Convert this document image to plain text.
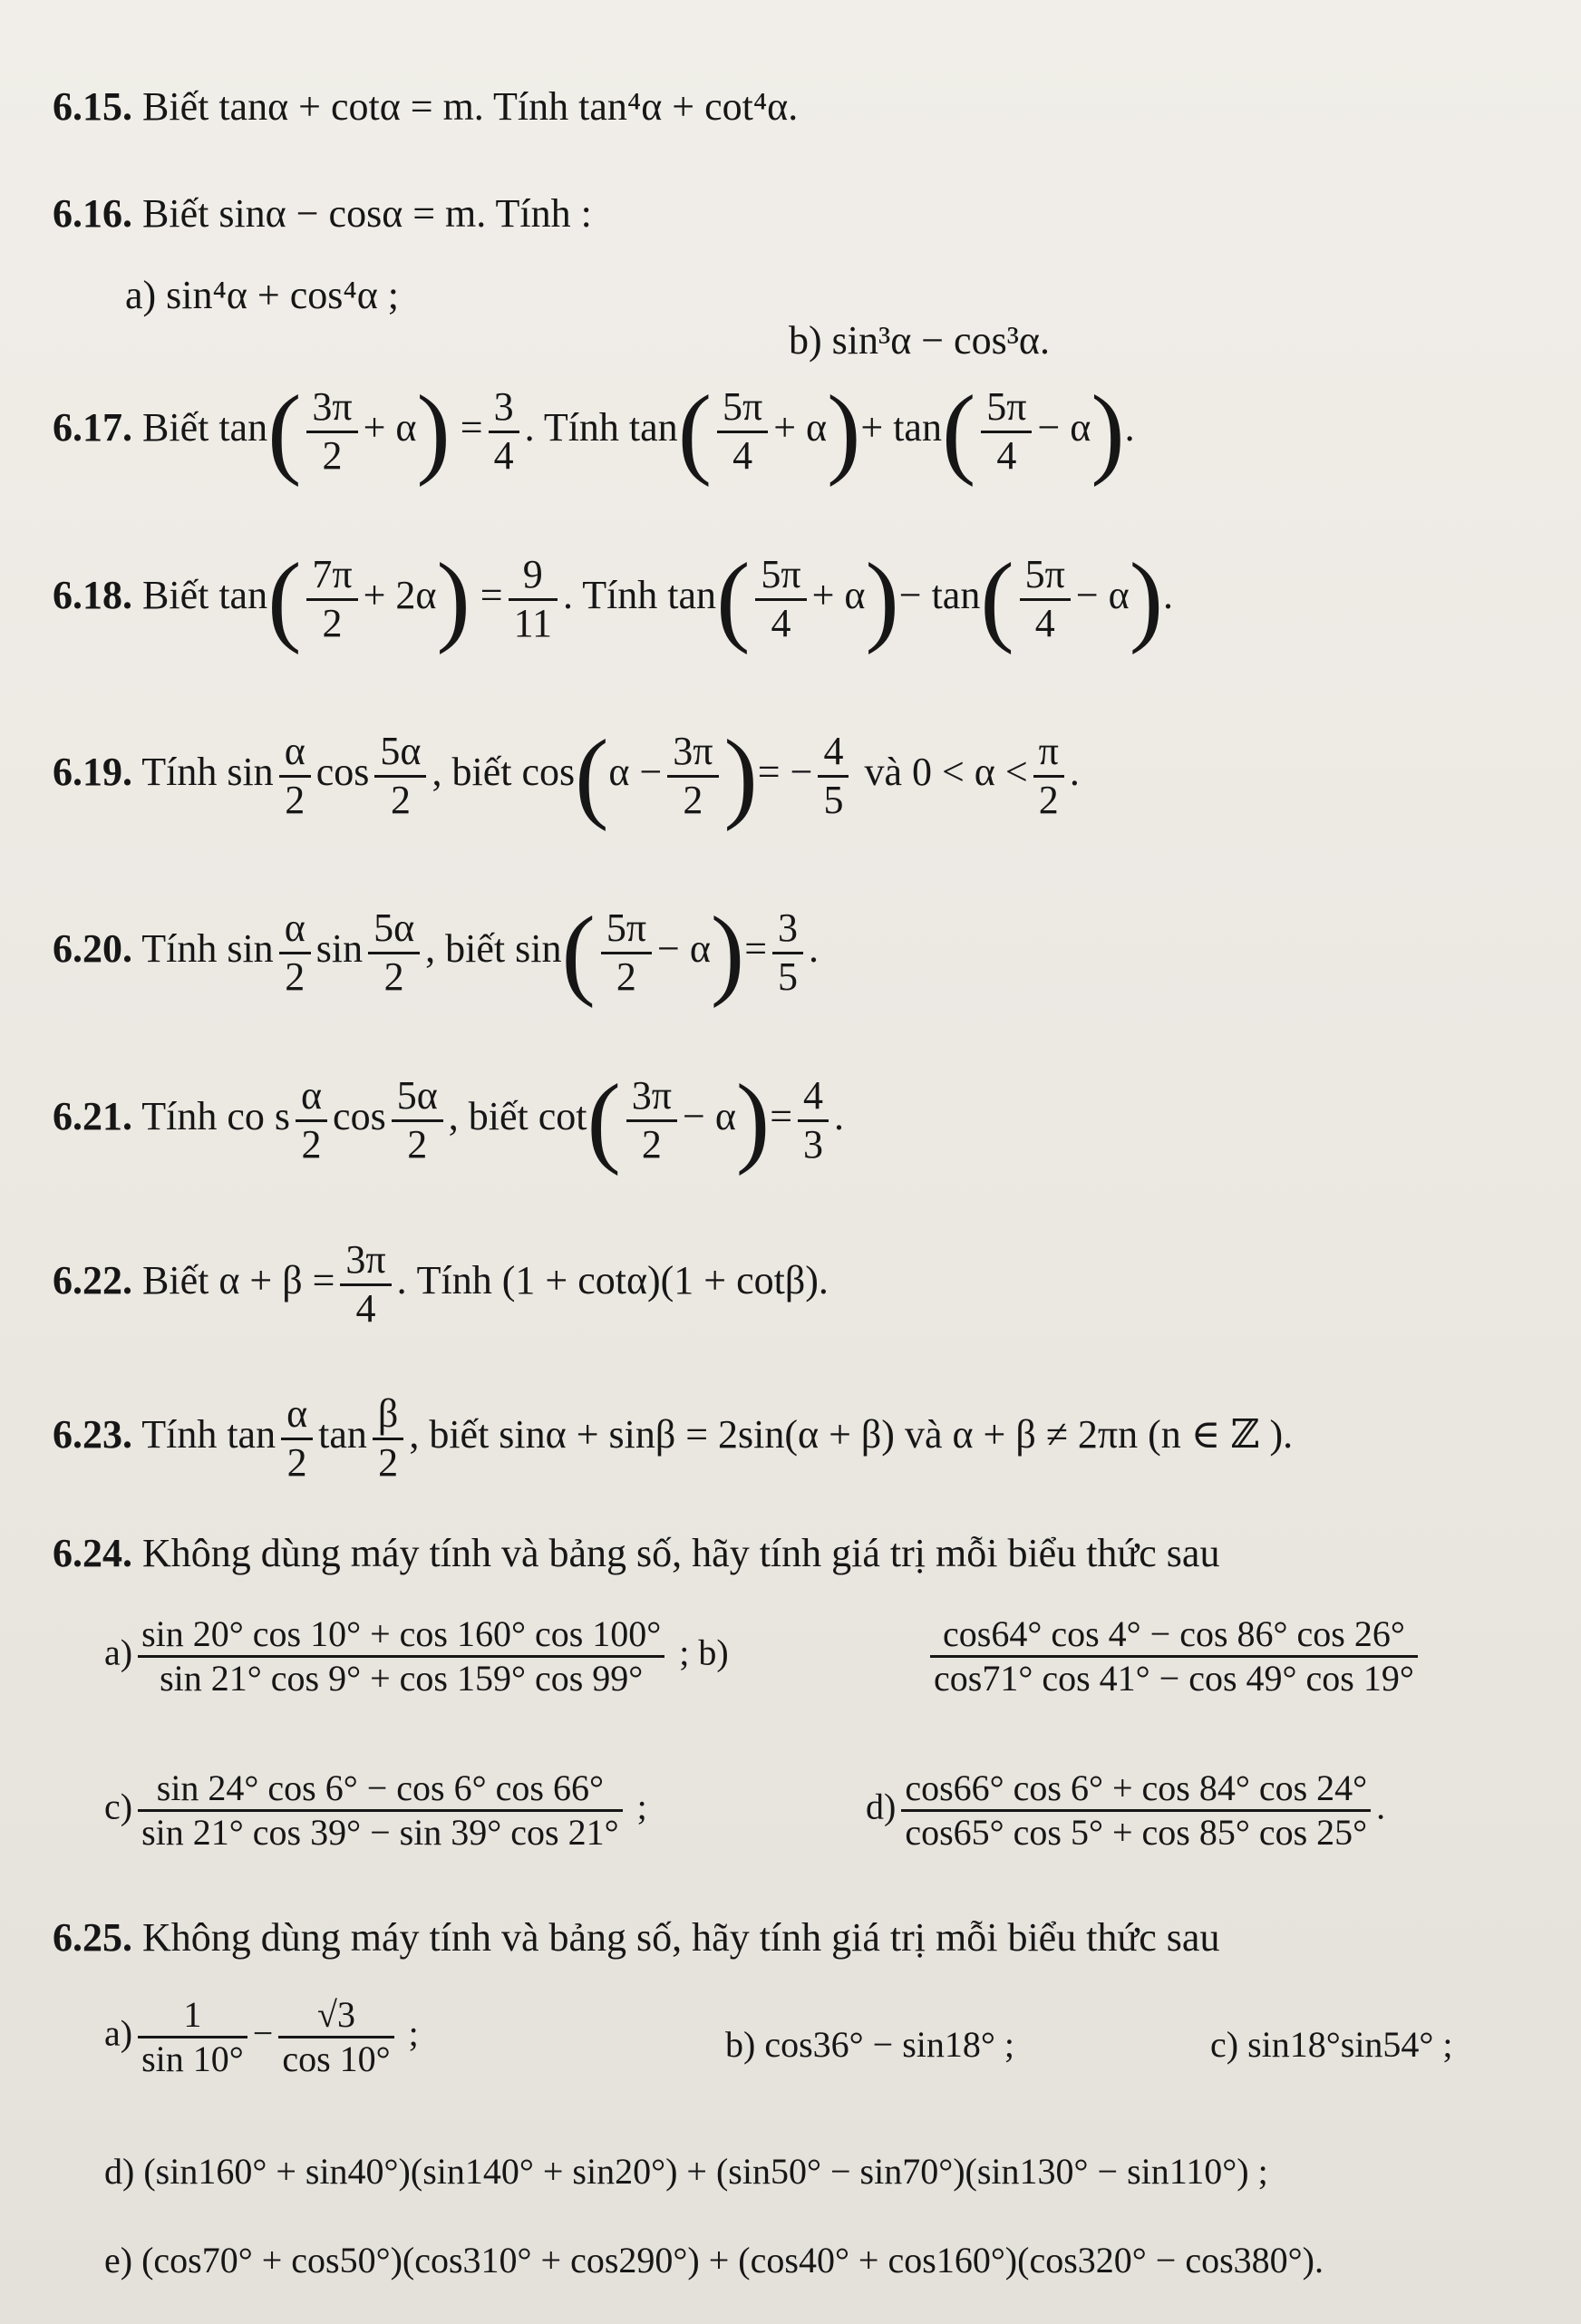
6.15. Biết tanα + cotα = m. Tính tan⁴α + cot⁴α.
6.16. Biết sinα − cosα = m. Tính :
a) sin⁴α + cos⁴α ;
b) sin³α − cos³α.
6.17. Biết $\tan( \frac{3\pi}{2} + \alpha) = \frac{3}{4}$ . Tính $\tan( \frac{5\pi}{4} + \alpha)+ \tan( \frac{5\pi}{4} - \alpha)$.
6.18. Biết $\tan( \frac{7\pi}{2} + 2\alpha) = \frac{9}{11}$ . Tính $\tan( \frac{5\pi}{4} + \alpha)- \tan( \frac{5\pi}{4} - \alpha)$.
6.19. Tính $\sin \frac{\alpha}{2}$ $\cos \frac{5\alpha}{2}$ , biết $\cos(\alpha - \frac{3\pi}{2}$ )= − $\frac{4}{5}$ và $0 < \alpha < \frac{\pi}{2}$ .
6.20. Tính $\sin \frac{\alpha}{2}$ $\sin \frac{5\alpha}{2}$ , biết $\sin( \frac{5\pi}{2} - \alpha)= \frac{3}{5}$ .
6.21. Tính co s $\frac{\alpha}{2}$ $\cos \frac{5\alpha}{2}$ , biết $\cot( \frac{3\pi}{2} - \alpha)= \frac{4}{3}$ .
6.22. Biết $\alpha + \beta = \frac{3\pi}{4}$ . Tính (1 + cotα)(1 + cotβ).
6.23. Tính $\tan \frac{\alpha}{2}$ $\tan \frac{\beta}{2}$ , biết sinα + sinβ = 2sin(α + β) và α + β ≠ 2πn (n ∈ ℤ ).
6.24. Không dùng máy tính và bảng số, hãy tính giá trị mỗi biểu thức sau
$a) \frac{\sin 20^\circ \cos 10^\circ + \cos 160^\circ \cos 100^\circ}{\sin 21^\circ \cos 9^\circ + \cos 159^\circ \cos 99^\circ}$ ; b)	$\frac{\cos 64^\circ \cos 4^\circ - \cos 86^\circ \cos 26^\circ}{\cos 71^\circ \cos 41^\circ - \cos 49^\circ \cos 19^\circ}$
$c) \frac{\sin 24^\circ \cos 6^\circ - \cos 6^\circ \cos 66^\circ}{\sin 21^\circ \cos 39^\circ - \sin 39^\circ \cos 21^\circ}$ ;	$d) \frac{\cos 66^\circ \cos 6^\circ + \cos 84^\circ \cos 24^\circ}{\cos 65^\circ \cos 5^\circ + \cos 85^\circ \cos 25^\circ}$ .
6.25. Không dùng máy tính và bảng số, hãy tính giá trị mỗi biểu thức sau
$a) \frac{1}{\sin 10^\circ} - \frac{√3}{\cos 10^\circ}$ ;	b) cos36° − sin18° ;	c) sin18°sin54° ;
d) (sin160° + sin40°)(sin140° + sin20°) + (sin50° − sin70°)(sin130° − sin110°) ;
e) (cos70° + cos50°)(cos310° + cos290°) + (cos40° + cos160°)(cos320° − cos380°).
